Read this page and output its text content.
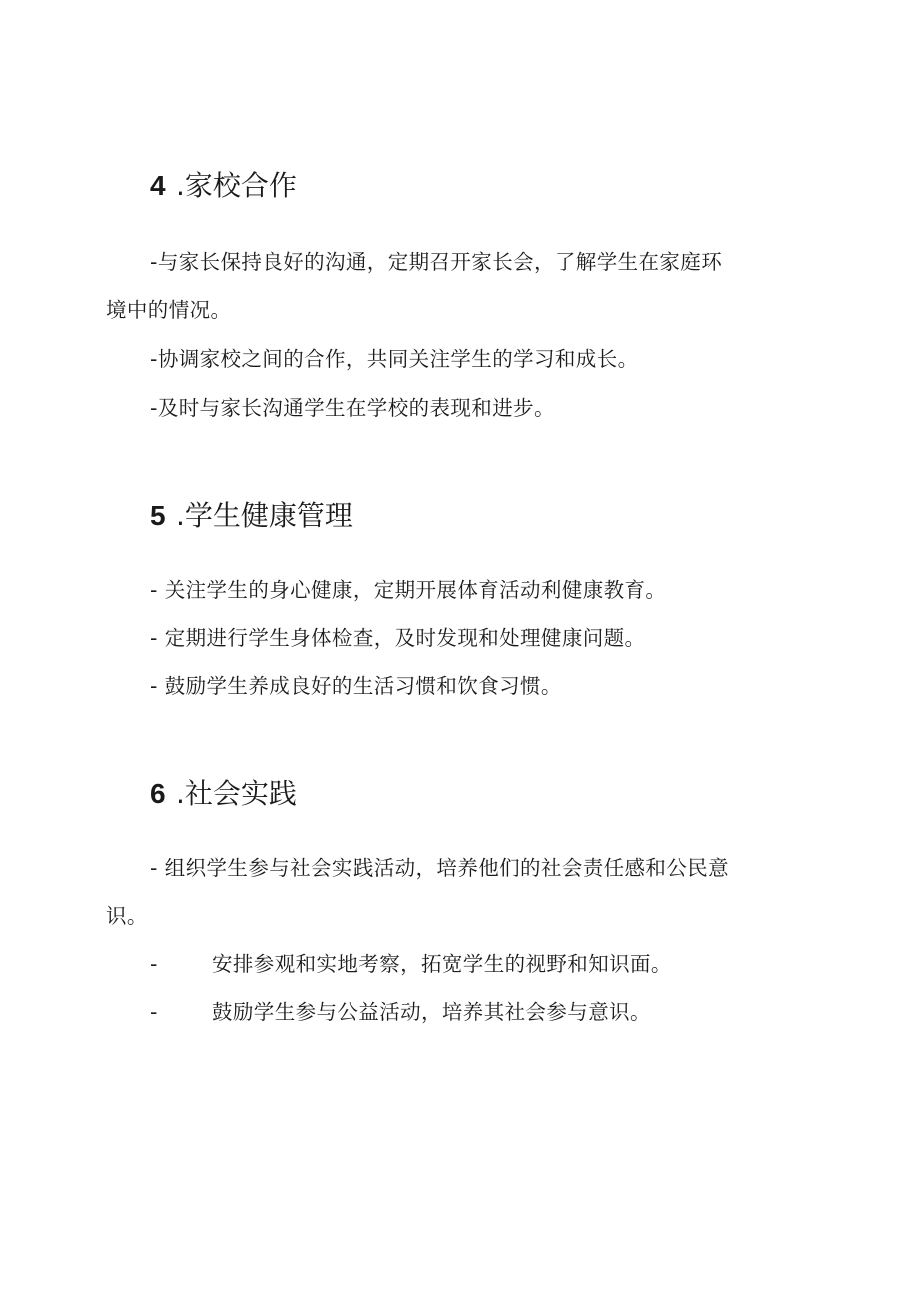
4 .家校合作
-与家长保持良好的沟通，定期召开家长会，了解学生在家庭环
境中的情况。
-协调家校之间的合作，共同关注学生的学习和成长。
-及时与家长沟通学生在学校的表现和进步。
5 .学生健康管理
- 关注学生的身心健康，定期开展体育活动利健康教育。
- 定期进行学生身体检查，及时发现和处理健康问题。
- 鼓励学生养成良好的生活习惯和饮食习惯。
6 .社会实践
- 组织学生参与社会实践活动，培养他们的社会责任感和公民意
识。
-	安排参观和实地考察，拓宽学生的视野和知识面。
-	鼓励学生参与公益活动，培养其社会参与意识。
